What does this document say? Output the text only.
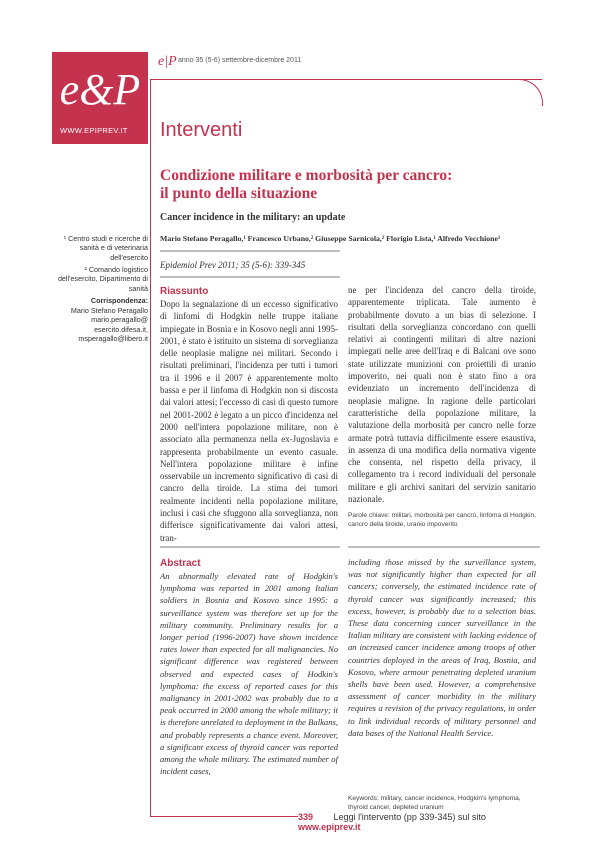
e&P
WWW.EPIPREV.IT
e|P anno 35 (5-6) settembre-dicembre 2011
Interventi
Condizione militare e morbosità per cancro:
il punto della situazione
Cancer incidence in the military: an update
Mario Stefano Peragallo,¹ Francesco Urbano,² Giuseppe Sarnicola,² Florigio Lista,¹ Alfredo Vecchione¹
¹ Centro studi e ricerche di sanità e di veterinaria dell'esercito
² Comando logistico dell'esercito, Dipartimento di sanità
Corrispondenza:
Mario Stefano Peragallo mario.peragallo@ esercito.difesa.it, msperagallo@libero.it
Epidemiol Prev 2011; 35 (5-6): 339-345
Riassunto
Dopo la segnalazione di un eccesso significativo di linfomi di Hodgkin nelle truppe italiane impiegate in Bosnia e in Kosovo negli anni 1995-2001, è stato è istituito un sistema di sorveglianza delle neoplasie maligne nei militari. Secondo i risultati preliminari, l'incidenza per tutti i tumori tra il 1996 e il 2007 è apparentemente molto bassa e per il linfoma di Hodgkin non si discosta dai valori attesi; l'eccesso di casi di questo tumore nel 2001-2002 è legato a un picco d'incidenza nel 2000 nell'intera popolazione militare, non è associato alla permanenza nella ex-Jugoslavia e rappresenta probabilmente un evento casuale. Nell'intera popolazione militare è infine osservabile un incremento significativo di casi di cancro della tiroide. La stima dei tumori realmente incidenti nella popolazione militare, inclusi i casi che sfuggono alla sorveglianza, non differisce significativamente dai valori attesi, tran-
ne per l'incidenza del cancro della tiroide, apparentemente triplicata. Tale aumento è probabilmente dovuto a un bias di selezione. I risultati della sorveglianza concordano con quelli relativi ai contingenti militari di altre nazioni impiegati nelle aree dell'Iraq e di Balcani ove sono state utilizzate munizioni con proiettili di uranio impoverito, nei quali non è stato fino a ora evidenziato un incremento dell'incidenza di neoplasie maligne. In ragione delle particolari caratteristiche della popolazione militare, la valutazione della morbosità per cancro nelle forze armate potrà tuttavia difficilmente essere esaustiva, in assenza di una modifica della normativa vigente che consenta, nel rispetto della privacy, il collegamento tra i record individuali del personale militare e gli archivi sanitari del servizio sanitario nazionale.
Parole chiave: militari, morbosità per cancro, linfoma di Hodgkin, cancro della tiroide, uranio impoverito
Abstract
An abnormally elevated rate of Hodgkin's lymphoma was reported in 2001 among Italian soldiers in Bosnia and Kosovo since 1995: a surveillance system was therefore set up for the military community. Preliminary results for a longer period (1996-2007) have shown incidence rates lower than expected for all malignancies. No significant difference was registered between observed and expected cases of Hodkin's lymphoma: the excess of reported cases for this malignancy in 2001-2002 was probably due to a peak occurred in 2000 among the whole military; it is therefore unrelated to deployment in the Balkans, and probably represents a chance event. Moreover, a significant excess of thyroid cancer was reported among the whole military. The estimated number of incident cases,
including those missed by the surveillance system, was not significantly higher than expected for all cancers; conversely, the estimated incidence rate of thyroid cancer was significantly increased; this excess, however, is probably due to a selection bias. These data concerning cancer surveillance in the Italian military are consistent with lacking evidence of an increased cancer incidence among troops of other countries deployed in the areas of Iraq, Bosnia, and Kosovo, where armour penetrating depleted uranium shells have been used. However, a comprehensive assessment of cancer morbidity in the military requires a revision of the privacy regulations, in order to link individual records of military personnel and data bases of the National Health Service.
Keywords: military, cancer incidence, Hodgkin's lymphoma, thyroid cancer, depleted uranium
339 Leggi l'intervento (pp 339-345) sul sito www.epiprev.it
